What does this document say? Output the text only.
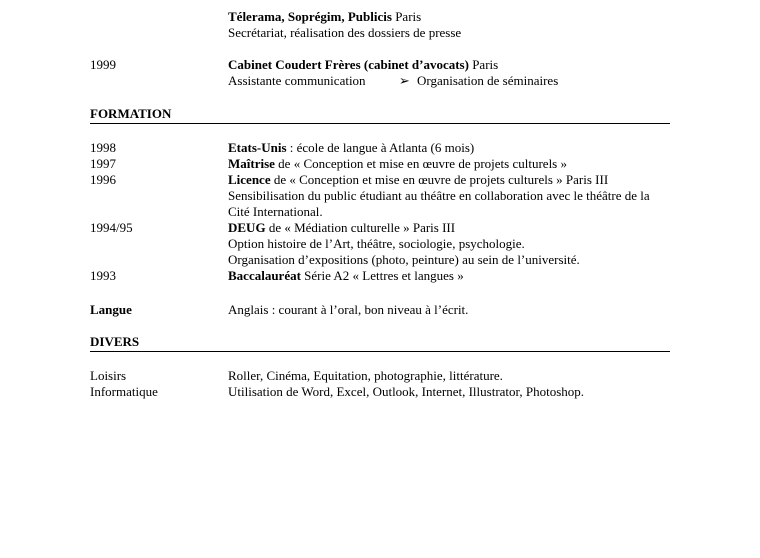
Télerama, Soprégim, Publicis Paris
Secrétariat, réalisation des dossiers de presse
1999	Cabinet Coudert Frères (cabinet d’avocats) Paris
Assistante communication	➢ Organisation de séminaires
FORMATION
1998	Etats-Unis : école de langue à Atlanta (6 mois)
1997	Maîtrise de « Conception et mise en œuvre de projets culturels »
1996	Licence de « Conception et mise en œuvre de projets culturels » Paris III
Sensibilisation du public étudiant au théâtre en collaboration avec le théâtre de la
Cité International.
1994/95	DEUG de « Médiation culturelle » Paris III
Option histoire de l’Art, théâtre, sociologie, psychologie.
Organisation d’expositions (photo, peinture) au sein de l’université.
1993	Baccalauréat Série A2 « Lettres et langues »
Langue	Anglais : courant à l’oral, bon niveau à l’écrit.
DIVERS
Loisirs	Roller, Cinéma, Equitation, photographie, littérature.
Informatique	Utilisation de Word, Excel, Outlook, Internet, Illustrator, Photoshop.
